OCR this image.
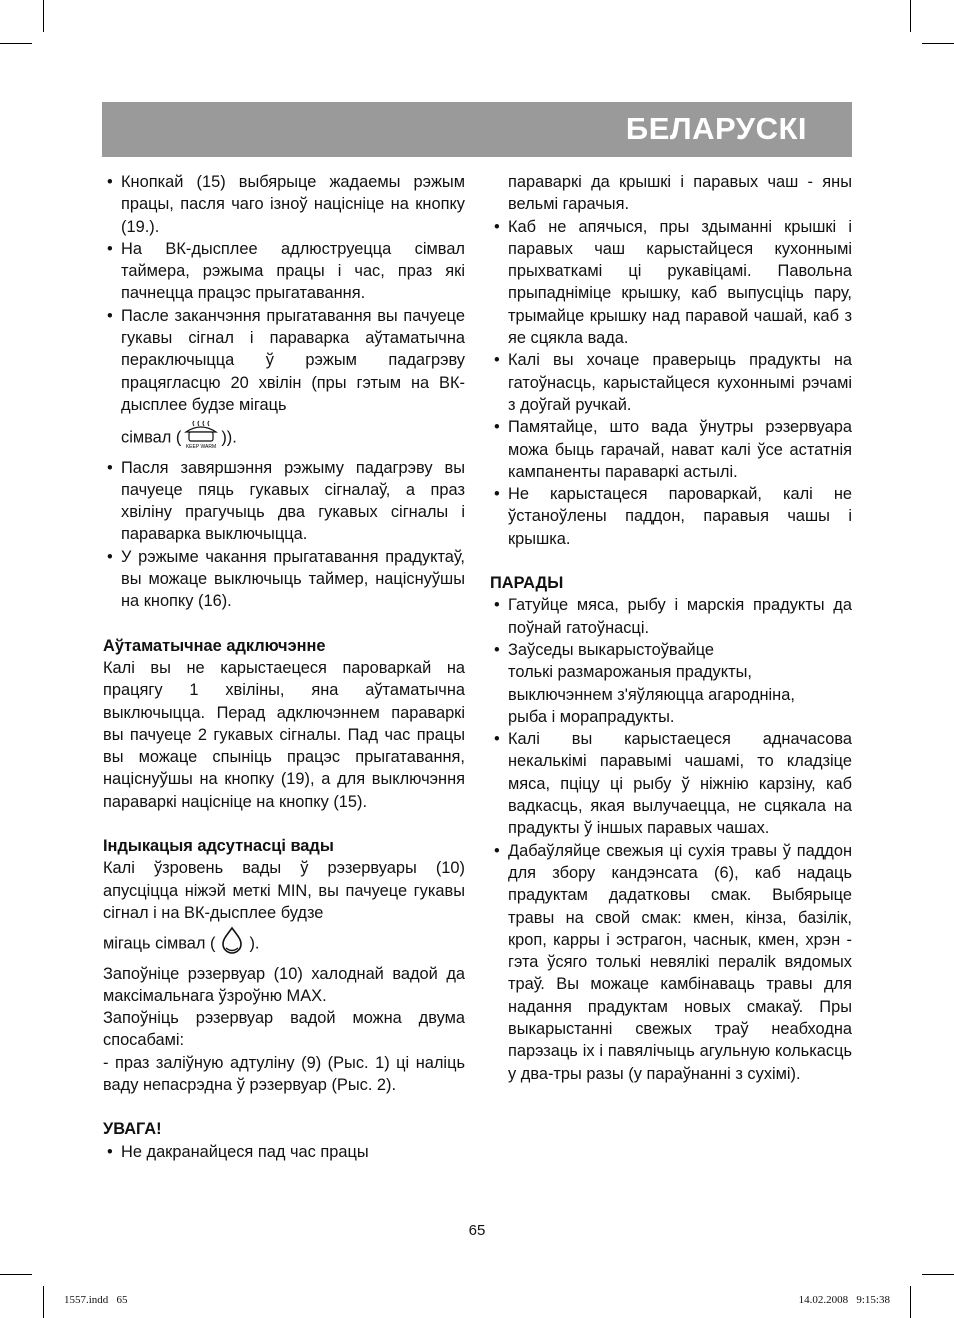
БЕЛАРУСКІ

• Кнопкай (15) выбярыце жадаемы рэжым працы, пасля чаго ізноў націсніце на кнопку (19.).

• На ВК-дысплее адлюструецца сімвал таймера, рэжыма працы і час, праз які пачнецца працэс прыгатавання.

• Пасле заканчэння прыгатавання вы пачуеце гукавы сігнал і параварка аўтаматычна пераключыцца ў рэжым падагрэву працягласцю 20 хвілін (пры гэтым на ВК-дысплее будзе мігаць

сімвал (
KEEP WARM
)).

• Пасля завяршэння рэжыму падагрэву вы пачуеце пяць гукавых сігналаў, а праз хвіліну прагучыць два гукавых сігналы і параварка выключыцца.

• У рэжыме чакання прыгатавання прадуктаў, вы можаце выключыць таймер, націснуўшы на кнопку (16).

Аўтаматычнае адключэнне

Калі вы не карыстаецеся пароваркай на працягу 1 хвіліны, яна аўтаматычна выключыцца. Перад адключэннем параваркі вы пачуеце 2 гукавых сігналы. Пад час працы вы можаце спыніць працэс прыгатавання, націснуўшы на кнопку (19), а для выключэння параваркі націсніце на кнопку (15).

Індыкацыя адсутнасці вады

Калі ўзровень вады ў рэзервуары (10) апусціцца ніжэй меткі MIN, вы пачуеце гукавы сігнал і на ВК-дысплее будзе

мігаць сімвал ( ).

Запоўніце рэзервуар (10) халоднай вадой да максімальнага ўзроўню MAX.

Запоўніць рэзервуар вадой можна двума спосабамі:

- праз заліўную адтуліну (9) (Рыс. 1) ці наліць ваду непасрэдна ў рэзервуар (Рыс. 2).

УВАГА!

• Не дакранайцеся пад час працы

параваркі да крышкі і паравых чаш - яны вельмі гарачыя.

• Каб не апячыся, пры здыманні крышкі і паравых чаш карыстайцеся кухоннымі прыхваткамі ці рукавіцамі. Павольна прыпадніміце крышку, каб выпусціць пару, трымайце крышку над паравой чашай, каб з яе сцякла вада.

• Калі вы хочаце праверыць прадукты на гатоўнасць, карыстайцеся кухоннымі рэчамі з доўгай ручкай.

• Памятайце, што вада ўнутры рэзервуара можа быць гарачай, нават калі ўсе астатнія кампаненты параваркі астылі.

• Не карыстацеся пароваркай, калі не ўстаноўлены паддон, паравыя чашы і крышка.

ПАРАДЫ

• Гатуйце мяса, рыбу і марскія прадукты да поўнай гатоўнасці.

• Заўседы выкарыстоўвайце
толькі размарожаныя прадукты,
выключэннем з'яўляюцца агароднiна,
рыба і морапрадукты.

• Калі вы карыстаецеся адначасова некалькімі паравымі чашамі, то кладзіце мяса, пціцу ці рыбу ў ніжнію карзіну, каб вадкасць, якая вылучаецца, не сцякала на прадукты ў іншых паравых чашах.

• Дабаўляйце свежыя ці сухія травы ў паддон для збору кандэнсата (6), каб надаць прадуктам дадатковы смак. Выбярыце травы на свой смак: кмен, кінза, базілік, кроп, карры і эстрагон, часнык, кмен, хрэн - гэта ўсяго толькі невялікі пераліk вядомых траў. Вы можаце камбінаваць травы для надання прадуктам новых смакаў. Пры выкарыстанні свежых траў неабходна парэзаць іх і павялічыць агульную колькасць у два-тры разы (у параўнанні з сухімі).

65
1557.indd   65	14.02.2008   9:15:38
